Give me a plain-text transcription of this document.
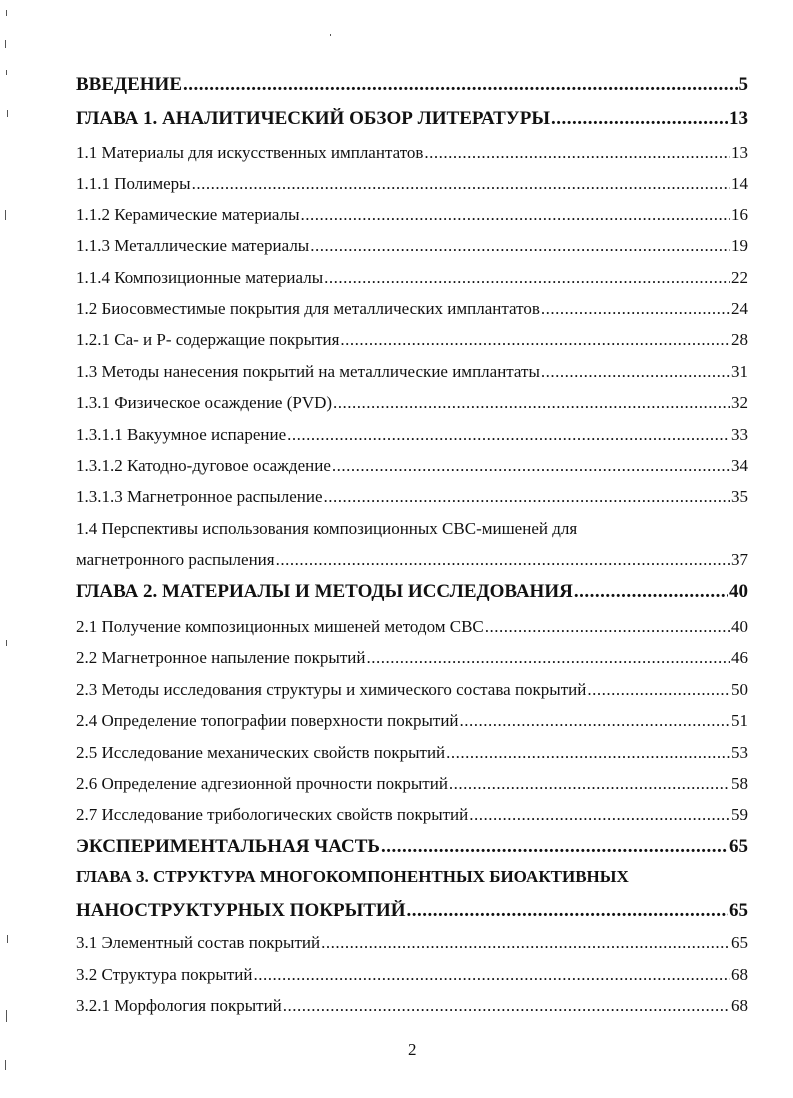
ВВЕДЕНИЕ .....	5
ГЛАВА 1. АНАЛИТИЧЕСКИЙ ОБЗОР ЛИТЕРАТУРЫ .....	13
1.1 Материалы для искусственных имплантатов .....	13
1.1.1 Полимеры .....	14
1.1.2 Керамические материалы .....	16
1.1.3 Металлические материалы .....	19
1.1.4 Композиционные материалы .....	22
1.2 Биосовместимые покрытия для металлических имплантатов .....	24
1.2.1 Са- и Р- содержащие покрытия .....	28
1.3 Методы нанесения покрытий на металлические имплантаты .....	31
1.3.1 Физическое осаждение (PVD) .....	32
1.3.1.1 Вакуумное испарение .....	33
1.3.1.2 Катодно-дуговое осаждение .....	34
1.3.1.3 Магнетронное распыление .....	35
1.4 Перспективы использования композиционных СВС-мишеней для
магнетронного распыления .....	37
ГЛАВА 2. МАТЕРИАЛЫ И МЕТОДЫ ИССЛЕДОВАНИЯ .....	40
2.1 Получение композиционных мишеней методом СВС .....	40
2.2 Магнетронное напыление покрытий .....	46
2.3 Методы исследования структуры и химического состава покрытий .....	50
2.4 Определение топографии поверхности покрытий .....	51
2.5 Исследование механических свойств покрытий .....	53
2.6 Определение адгезионной прочности покрытий .....	58
2.7 Исследование трибологических свойств покрытий .....	59
ЭКСПЕРИМЕНТАЛЬНАЯ ЧАСТЬ .....	65
ГЛАВА 3. СТРУКТУРА МНОГОКОМПОНЕНТНЫХ БИОАКТИВНЫХ
НАНОСТРУКТУРНЫХ ПОКРЫТИЙ .....	65
3.1 Элементный состав покрытий .....	65
3.2 Структура покрытий .....	68
3.2.1 Морфология покрытий .....	68
2
